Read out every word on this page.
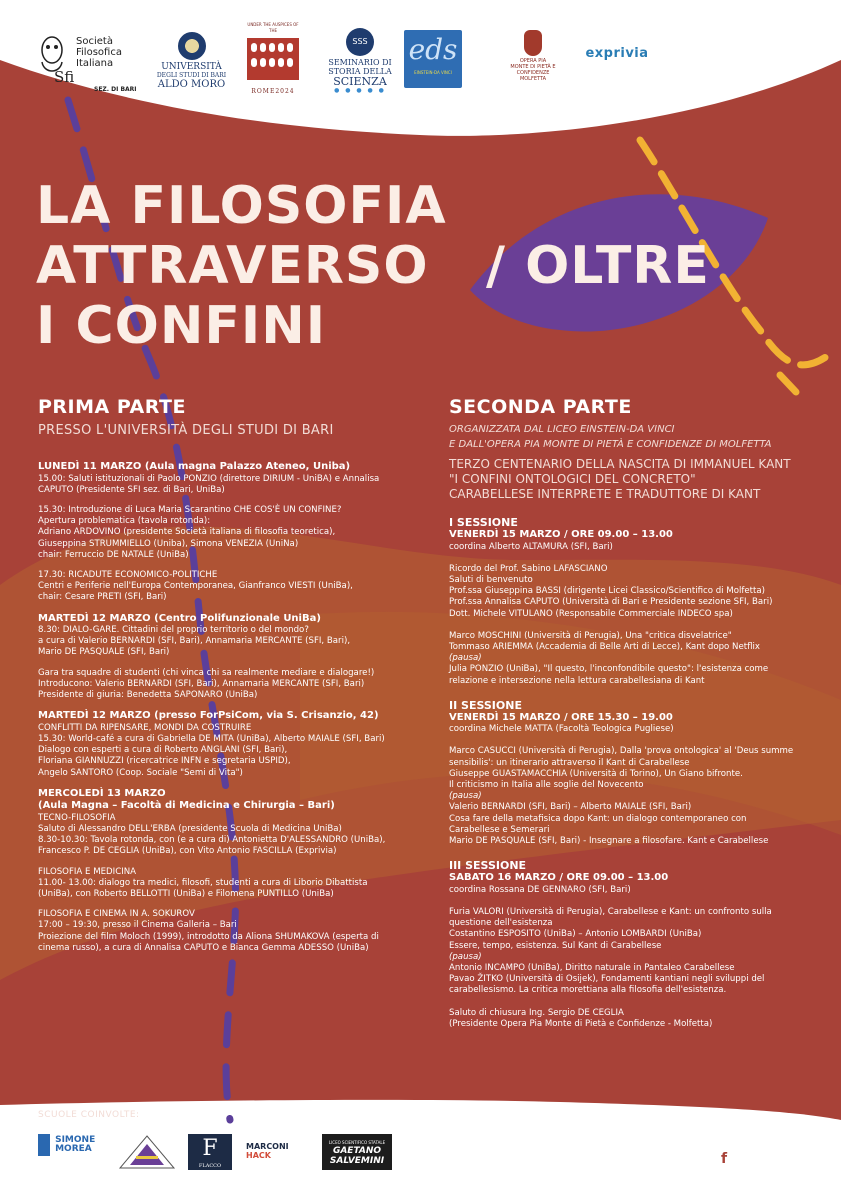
Sfi
Società
Filosofica
Italiana
SEZ. DI BARI
UNIVERSITÀ
DEGLI STUDI DI BARI
ALDO MORO
UNDER THE AUSPICES OF THE
ROME2024
SSS
SEMINARIO DI
STORIA DELLA
SCIENZA
● ● ● ● ●
eds
EINSTEIN-DA VINCI
OPERA PIA
MONTE DI PIETÀ E CONFIDENZE
MOLFETTA
exprivia
LA FILOSOFIA
ATTRAVERSO
I CONFINI
/ OLTRE
PRIMA PARTE
PRESSO L'UNIVERSITÀ DEGLI STUDI DI BARI
LUNEDÌ 11 MARZO (Aula magna Palazzo Ateneo, Uniba)

15.00: Saluti istituzionali di Paolo PONZIO (direttore DIRIUM - UniBA) e Annalisa

CAPUTO (Presidente SFI sez. di Bari, UniBa)

15.30: Introduzione di Luca Maria Scarantino CHE COS'È UN CONFINE?

Apertura problematica (tavola rotonda):

Adriano ARDOVINO (presidente Società italiana di filosofia teoretica),

Giuseppina STRUMMIELLO (Uniba), Simona VENEZIA (UniNa)

chair: Ferruccio DE NATALE (UniBa)

17.30: RICADUTE ECONOMICO-POLITICHE

Centri e Periferie nell'Europa Contemporanea, Gianfranco VIESTI (UniBa),

chair: Cesare PRETI (SFI, Bari)

MARTEDÌ 12 MARZO (Centro Polifunzionale UniBa)

8.30: DIALO-GARE. Cittadini del proprio territorio o del mondo?

a cura di Valerio BERNARDI (SFI, Bari), Annamaria MERCANTE (SFI, Bari),

Mario DE PASQUALE (SFI, Bari)

Gara tra squadre di studenti (chi vinca chi sa realmente mediare e dialogare!)

Introducono: Valerio BERNARDI (SFI, Bari), Annamaria MERCANTE (SFI, Bari)

Presidente di giuria: Benedetta SAPONARO (UniBa)

MARTEDÌ 12 MARZO (presso ForPsiCom, via S. Crisanzio, 42)

CONFLITTI DA RIPENSARE, MONDI DA COSTRUIRE

15.30: World-café a cura di Gabriella DE MITA (UniBa), Alberto MAIALE (SFI, Bari)

Dialogo con esperti a cura di Roberto ANGLANI (SFI, Bari),

Floriana GIANNUZZI (ricercatrice INFN e segretaria USPID),

Angelo SANTORO (Coop. Sociale "Semi di Vita")

MERCOLEDÌ 13 MARZO
(Aula Magna – Facoltà di Medicina e Chirurgia – Bari)

TECNO-FILOSOFIA

Saluto di Alessandro DELL'ERBA (presidente Scuola di Medicina UniBa)

8.30-10.30: Tavola rotonda, con (e a cura di) Antonietta D'ALESSANDRO (UniBa),

Francesco P. DE CEGLIA (UniBa), con Vito Antonio FASCILLA (Exprivia)

FILOSOFIA E MEDICINA

11.00- 13.00: dialogo tra medici, filosofi, studenti a cura di Liborio Dibattista

(UniBa), con Roberto BELLOTTI (UniBa) e Filomena PUNTILLO (UniBa)

FILOSOFIA E CINEMA IN A. SOKUROV

17:00 – 19:30, presso il Cinema Galleria – Bari

Proiezione del film Moloch (1999), introdotto da Aliona SHUMAKOVA (esperta di

cinema russo), a cura di Annalisa CAPUTO e Bianca Gemma ADESSO (UniBa)

SECONDA PARTE
ORGANIZZATA DAL LICEO EINSTEIN-DA VINCI
E DALL'OPERA PIA MONTE DI PIETÀ E CONFIDENZE DI MOLFETTA
TERZO CENTENARIO DELLA NASCITA DI IMMANUEL KANT
"I CONFINI ONTOLOGICI DEL CONCRETO"
CARABELLESE INTERPRETE E TRADUTTORE DI KANT
I SESSIONE
VENERDÌ 15 MARZO / ORE 09.00 – 13.00

coordina Alberto ALTAMURA (SFI, Bari)

Ricordo del Prof. Sabino LAFASCIANO

Saluti di benvenuto

Prof.ssa Giuseppina BASSI (dirigente Licei Classico/Scientifico di Molfetta)

Prof.ssa Annalisa CAPUTO (Università di Bari e Presidente sezione SFI, Bari)

Dott. Michele VITULANO (Responsabile Commerciale INDECO spa)

Marco MOSCHINI (Università di Perugia), Una "critica disvelatrice"

Tommaso ARIEMMA (Accademia di Belle Arti di Lecce), Kant dopo Netflix

(pausa)

Julia PONZIO (UniBa), "Il questo, l'inconfondibile questo": l'esistenza come

relazione e intersezione nella lettura carabellesiana di Kant

II SESSIONE
VENERDÌ 15 MARZO / ORE 15.30 – 19.00

coordina Michele MATTA (Facoltà Teologica Pugliese)

Marco CASUCCI (Università di Perugia), Dalla 'prova ontologica' al 'Deus summe

sensibilis': un itinerario attraverso il Kant di Carabellese

Giuseppe GUASTAMACCHIA (Università di Torino), Un Giano bifronte.

Il criticismo in Italia alle soglie del Novecento

(pausa)

Valerio BERNARDI (SFI, Bari) – Alberto MAIALE (SFI, Bari)

Cosa fare della metafisica dopo Kant: un dialogo contemporaneo con

Carabellese e Semerari

Mario DE PASQUALE (SFI, Bari) - Insegnare a filosofare. Kant e Carabellese

III SESSIONE
SABATO 16 MARZO / ORE 09.00 – 13.00

coordina Rossana DE GENNARO (SFI, Bari)

Furia VALORI (Università di Perugia), Carabellese e Kant: un confronto sulla

questione dell'esistenza

Costantino ESPOSITO (UniBa) – Antonio LOMBARDI (UniBa)

Essere, tempo, esistenza. Sul Kant di Carabellese

(pausa)

Antonio INCAMPO (UniBa), Diritto naturale in Pantaleo Carabellese

Pavao ŽITKO (Università di Osijek), Fondamenti kantiani negli sviluppi del

carabellesismo. La critica morettiana alla filosofia dell'esistenza.

Saluto di chiusura Ing. Sergio DE CEGLIA

(Presidente Opera Pia Monte di Pietà e Confidenze - Molfetta)

SCUOLE COINVOLTE:
SIMONE
MOREA	F
FLACCO
MARCONI
HACK
LICEO SCIENTIFICO STATALE
GAETANO SALVEMINI	socfilobari@gmail.com	f	SFIBari2016
